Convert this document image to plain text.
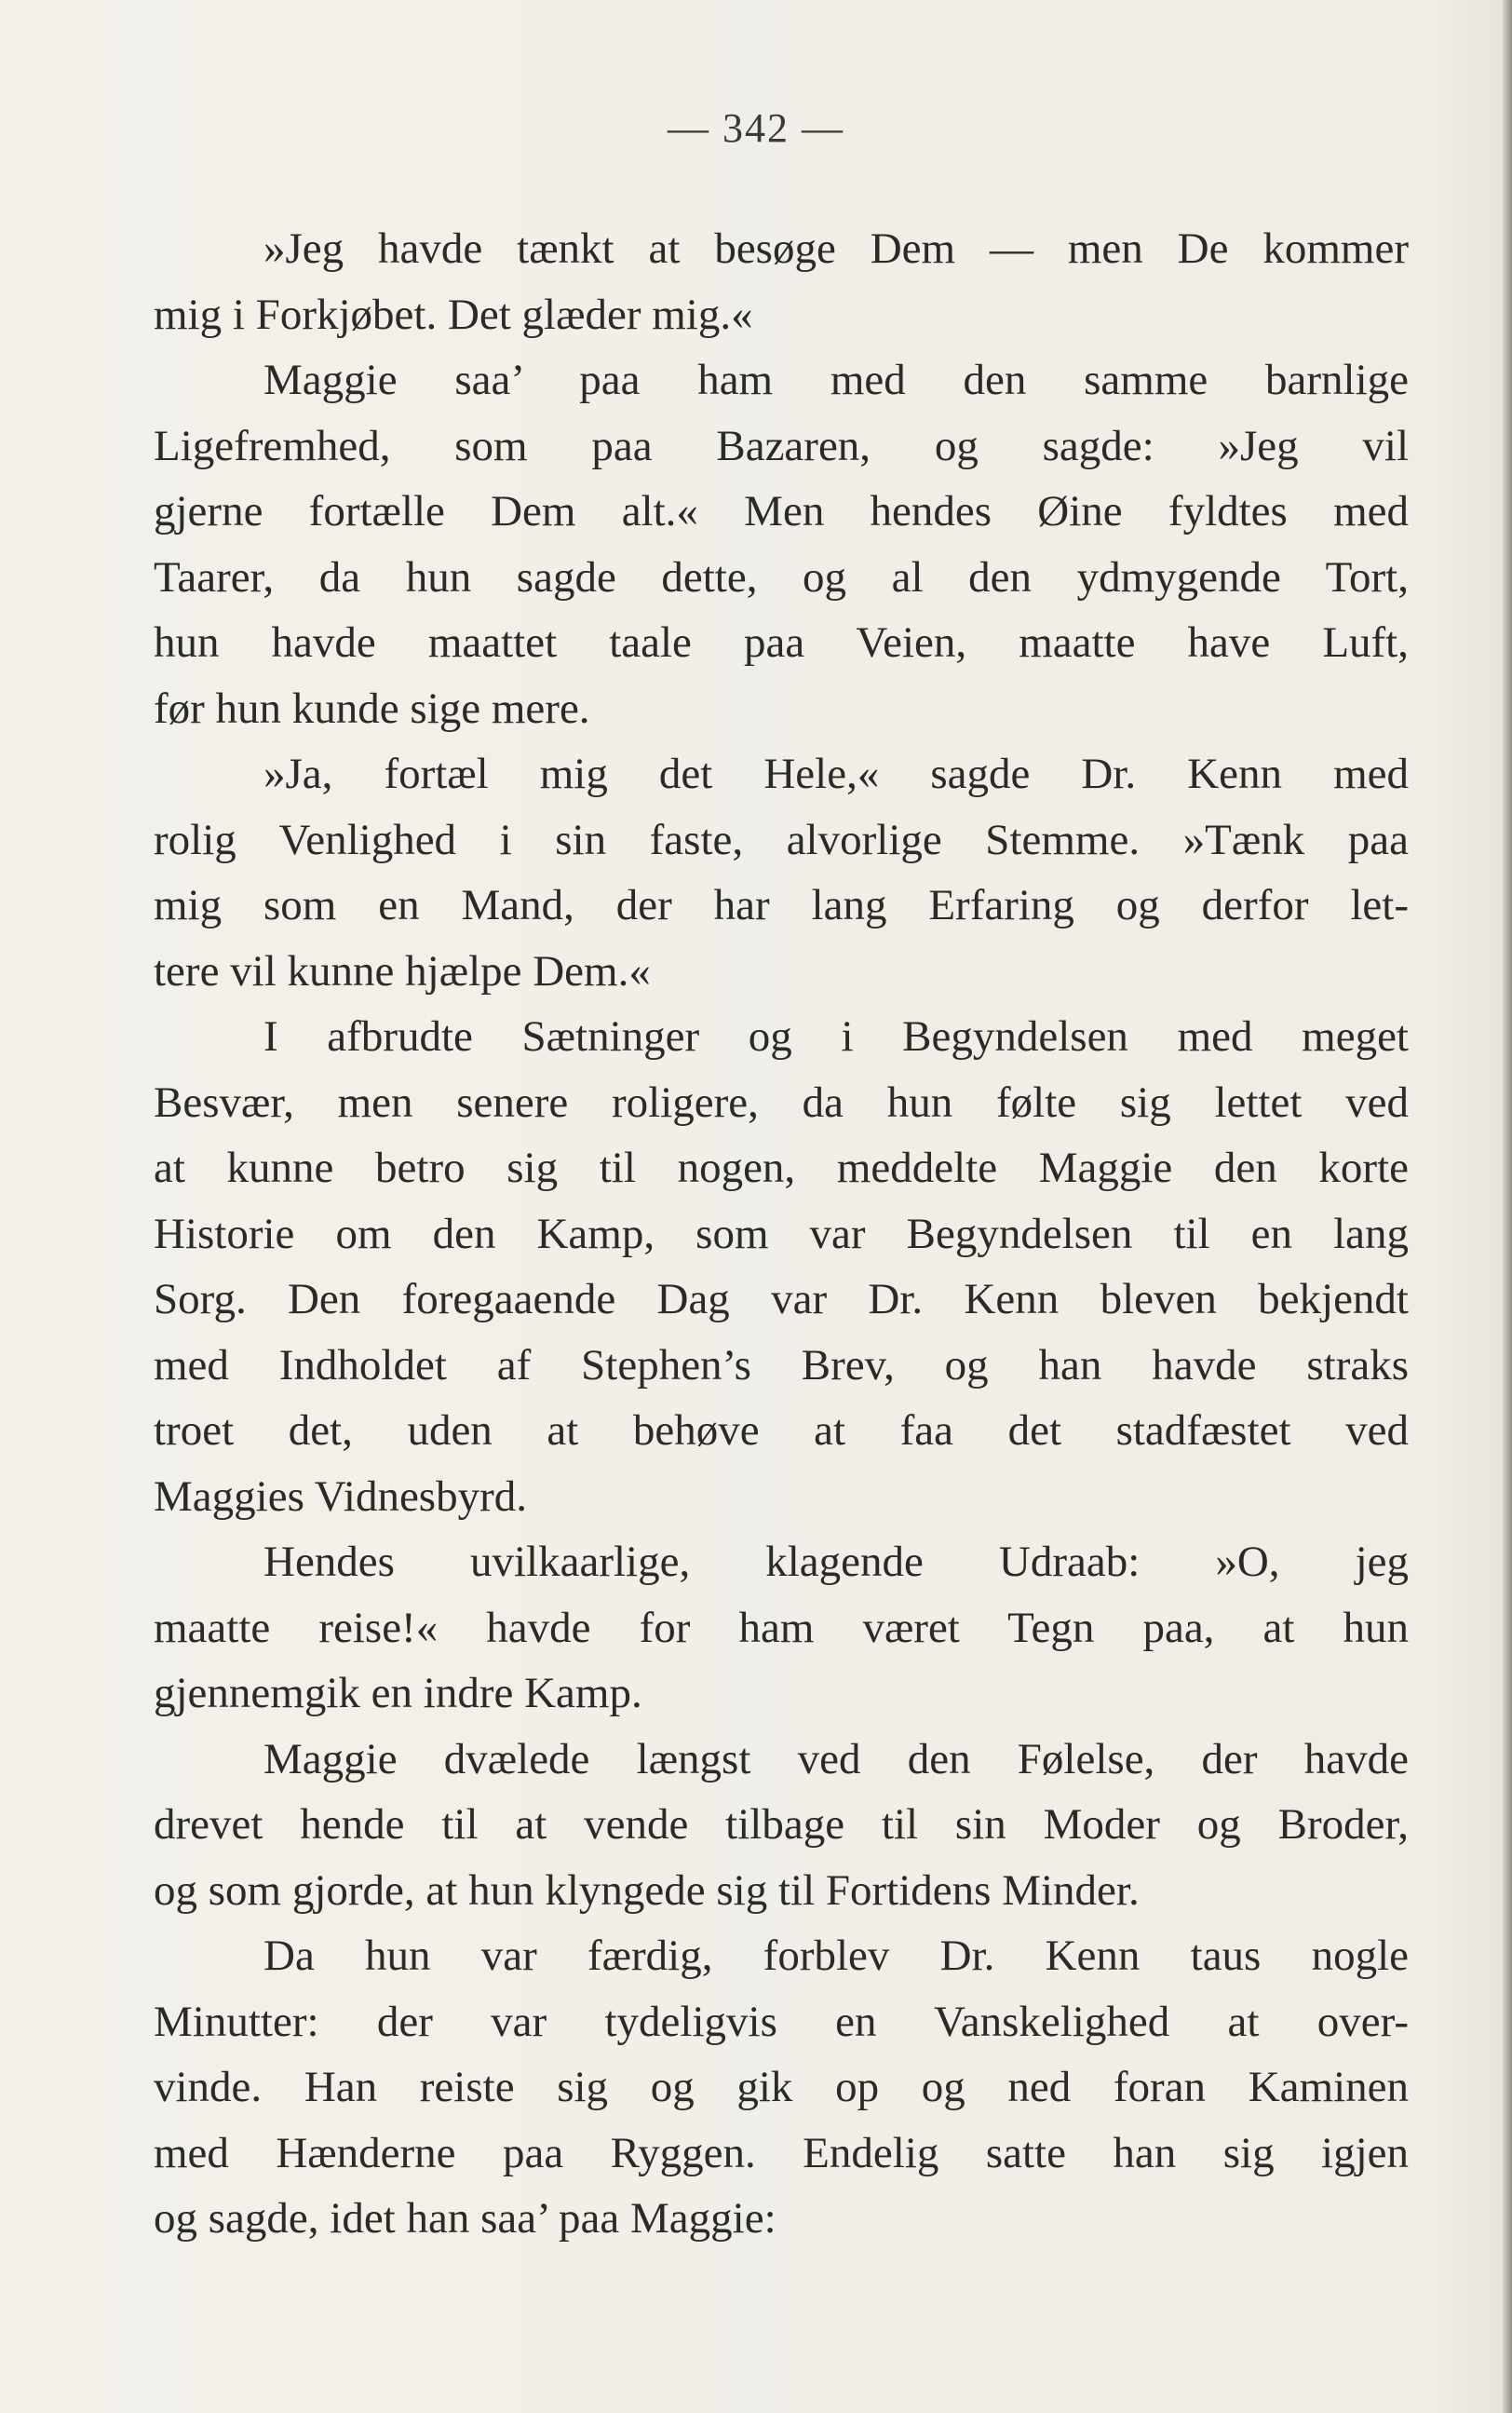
— 342 —
»Jeg havde tænkt at besøge Dem — men De kommer
mig i Forkjøbet. Det glæder mig.«
Maggie saa’ paa ham med den samme barnlige
Ligefremhed, som paa Bazaren, og sagde: »Jeg vil
gjerne fortælle Dem alt.« Men hendes Øine fyldtes med
Taarer, da hun sagde dette, og al den ydmygende Tort,
hun havde maattet taale paa Veien, maatte have Luft,
før hun kunde sige mere.
»Ja, fortæl mig det Hele,« sagde Dr. Kenn med
rolig Venlighed i sin faste, alvorlige Stemme. »Tænk paa
mig som en Mand, der har lang Erfaring og derfor let-
tere vil kunne hjælpe Dem.«
I afbrudte Sætninger og i Begyndelsen med meget
Besvær, men senere roligere, da hun følte sig lettet ved
at kunne betro sig til nogen, meddelte Maggie den korte
Historie om den Kamp, som var Begyndelsen til en lang
Sorg. Den foregaaende Dag var Dr. Kenn bleven bekjendt
med Indholdet af Stephen’s Brev, og han havde straks
troet det, uden at behøve at faa det stadfæstet ved
Maggies Vidnesbyrd.
Hendes uvilkaarlige, klagende Udraab: »O, jeg
maatte reise!« havde for ham været Tegn paa, at hun
gjennemgik en indre Kamp.
Maggie dvælede længst ved den Følelse, der havde
drevet hende til at vende tilbage til sin Moder og Broder,
og som gjorde, at hun klyngede sig til Fortidens Minder.
Da hun var færdig, forblev Dr. Kenn taus nogle
Minutter: der var tydeligvis en Vanskelighed at over-
vinde. Han reiste sig og gik op og ned foran Kaminen
med Hænderne paa Ryggen. Endelig satte han sig igjen
og sagde, idet han saa’ paa Maggie:
